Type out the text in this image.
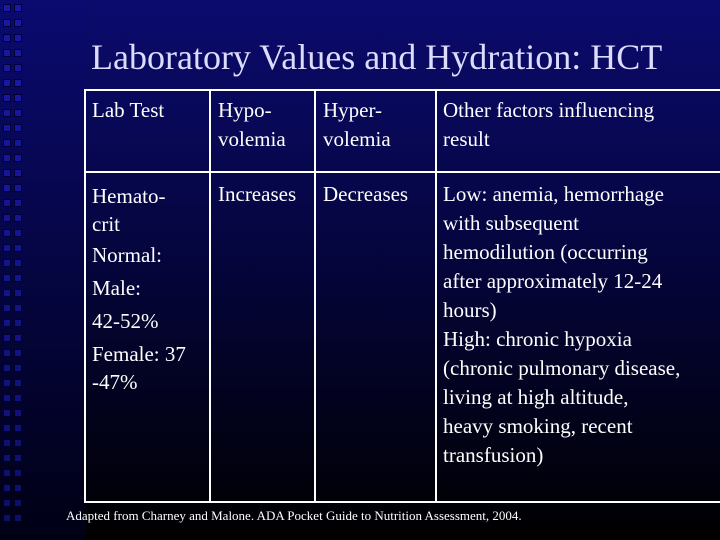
Laboratory Values and Hydration: HCT
Lab Test	Hypo-
volemia
Hyper-
volemia
Other factors influencing
result
Hemato-
crit
Normal:
Male:
42-52%
Female: 37
-47%
Increases Decreases Low: anemia, hemorrhage
with subsequent
hemodilution (occurring
after approximately 12-24
hours)
High: chronic hypoxia
(chronic pulmonary disease,
living at high altitude,
heavy smoking, recent
transfusion)
Adapted from Charney and Malone. ADA Pocket Guide to Nutrition Assessment, 2004.
